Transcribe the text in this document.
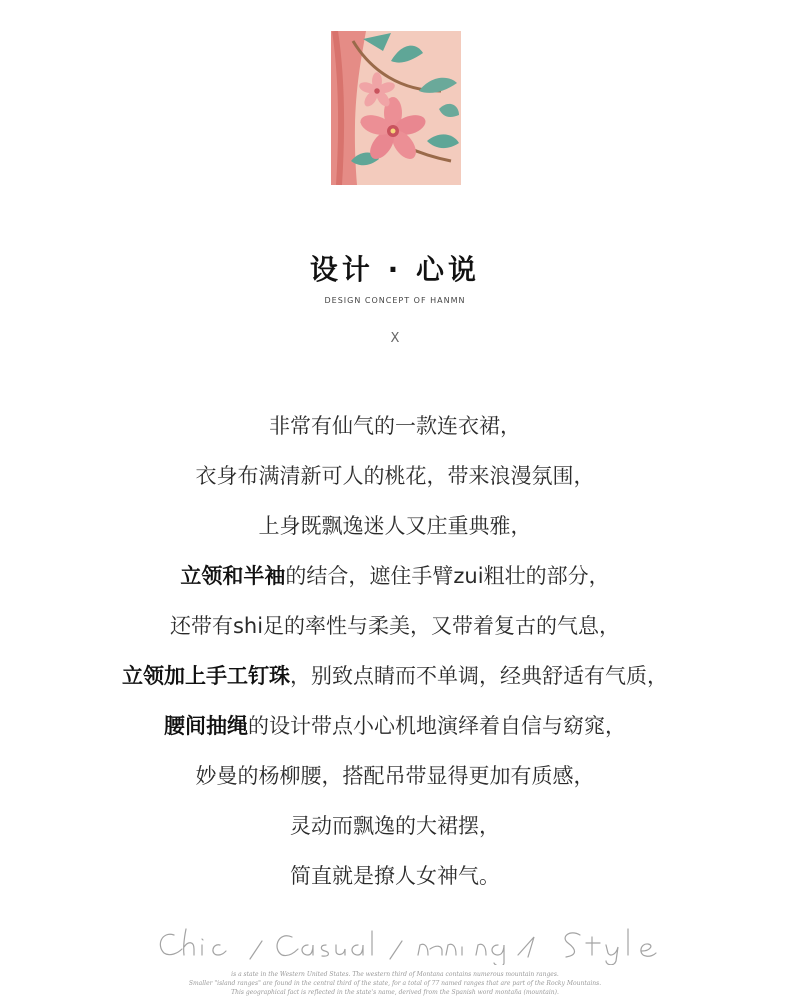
设计 · 心说
DESIGN CONCEPT OF HANMN
X
非常有仙气的一款连衣裙，
衣身布满清新可人的桃花，带来浪漫氛围，
上身既飘逸迷人又庄重典雅，
立领和半袖的结合，遮住手臂zui粗壮的部分，
还带有shi足的率性与柔美，又带着复古的气息，
立领加上手工钉珠，别致点睛而不单调，经典舒适有气质，
腰间抽绳的设计带点小心机地演绎着自信与窈窕，
妙曼的杨柳腰，搭配吊带显得更加有质感，
灵动而飘逸的大裙摆，
简直就是撩人女神气。
is a state in the Western United States. The western third of Montana contains numerous mountain ranges.
Smaller "island ranges" are found in the central third of the state, for a total of 77 named ranges that are part of the Rocky Mountains.
This geographical fact is reflected in the state's name, derived from the Spanish word montaña (mountain).
